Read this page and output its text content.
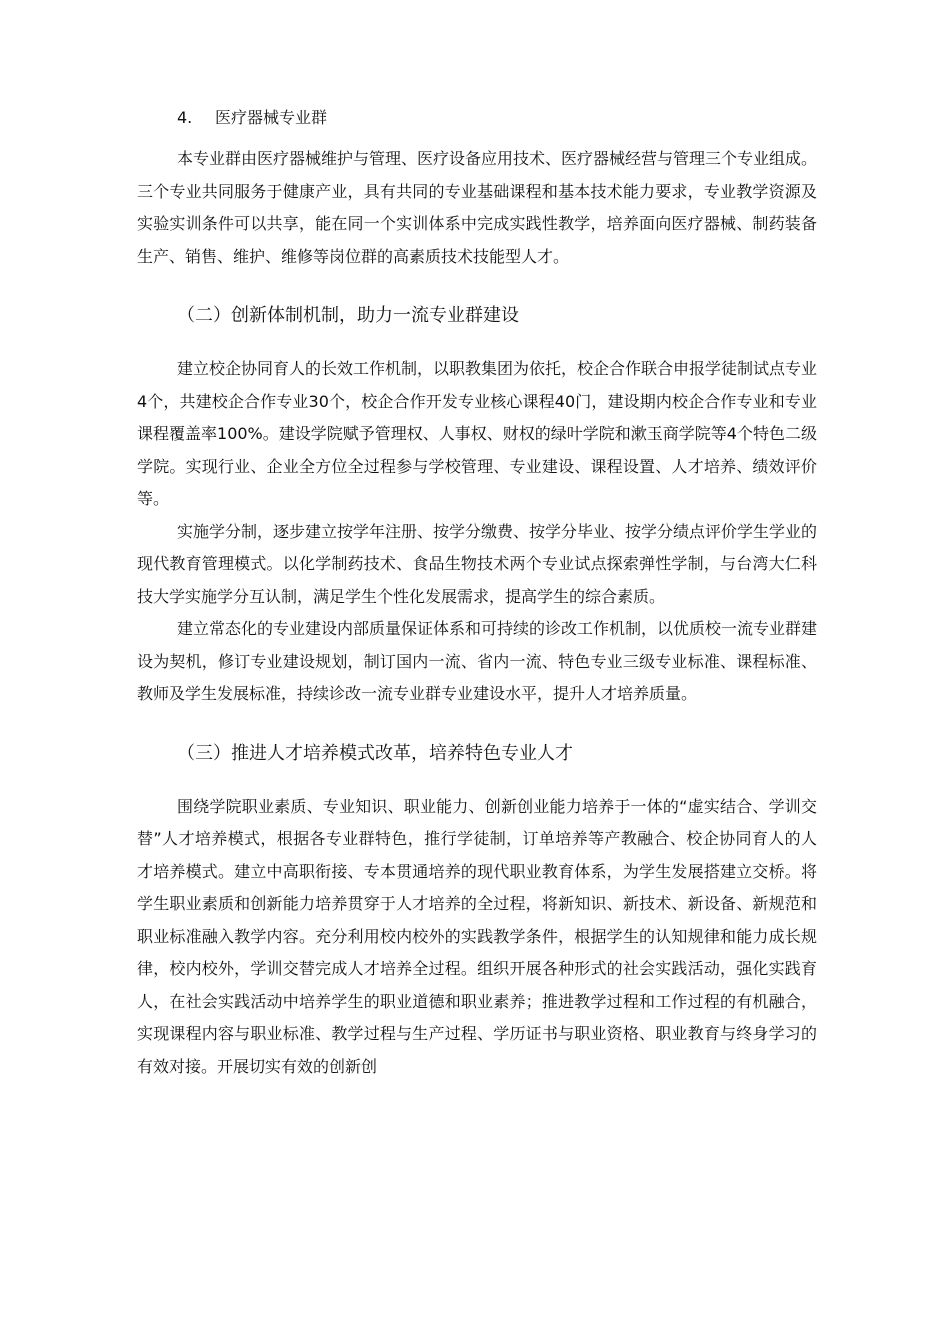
4. 医疗器械专业群

本专业群由医疗器械维护与管理、医疗设备应用技术、医疗器械经营与管理三个专业组成。三个专业共同服务于健康产业，具有共同的专业基础课程和基本技术能力要求，专业教学资源及实验实训条件可以共享，能在同一个实训体系中完成实践性教学，培养面向医疗器械、制药装备生产、销售、维护、维修等岗位群的高素质技术技能型人才。

（二）创新体制机制，助力一流专业群建设

建立校企协同育人的长效工作机制，以职教集团为依托，校企合作联合申报学徒制试点专业4个，共建校企合作专业30个，校企合作开发专业核心课程40门，建设期内校企合作专业和专业课程覆盖率100%。建设学院赋予管理权、人事权、财权的绿叶学院和漱玉商学院等4个特色二级学院。实现行业、企业全方位全过程参与学校管理、专业建设、课程设置、人才培养、绩效评价等。

实施学分制，逐步建立按学年注册、按学分缴费、按学分毕业、按学分绩点评价学生学业的现代教育管理模式。以化学制药技术、食品生物技术两个专业试点探索弹性学制，与台湾大仁科技大学实施学分互认制，满足学生个性化发展需求，提高学生的综合素质。

建立常态化的专业建设内部质量保证体系和可持续的诊改工作机制，以优质校一流专业群建设为契机，修订专业建设规划，制订国内一流、省内一流、特色专业三级专业标准、课程标准、教师及学生发展标准，持续诊改一流专业群专业建设水平，提升人才培养质量。

（三）推进人才培养模式改革，培养特色专业人才

围绕学院职业素质、专业知识、职业能力、创新创业能力培养于一体的“虚实结合、学训交替”人才培养模式，根据各专业群特色，推行学徒制，订单培养等产教融合、校企协同育人的人才培养模式。建立中高职衔接、专本贯通培养的现代职业教育体系，为学生发展搭建立交桥。将学生职业素质和创新能力培养贯穿于人才培养的全过程，将新知识、新技术、新设备、新规范和职业标准融入教学内容。充分利用校内校外的实践教学条件，根据学生的认知规律和能力成长规律，校内校外，学训交替完成人才培养全过程。组织开展各种形式的社会实践活动，强化实践育人，在社会实践活动中培养学生的职业道德和职业素养；推进教学过程和工作过程的有机融合，实现课程内容与职业标准、教学过程与生产过程、学历证书与职业资格、职业教育与终身学习的有效对接。开展切实有效的创新创
